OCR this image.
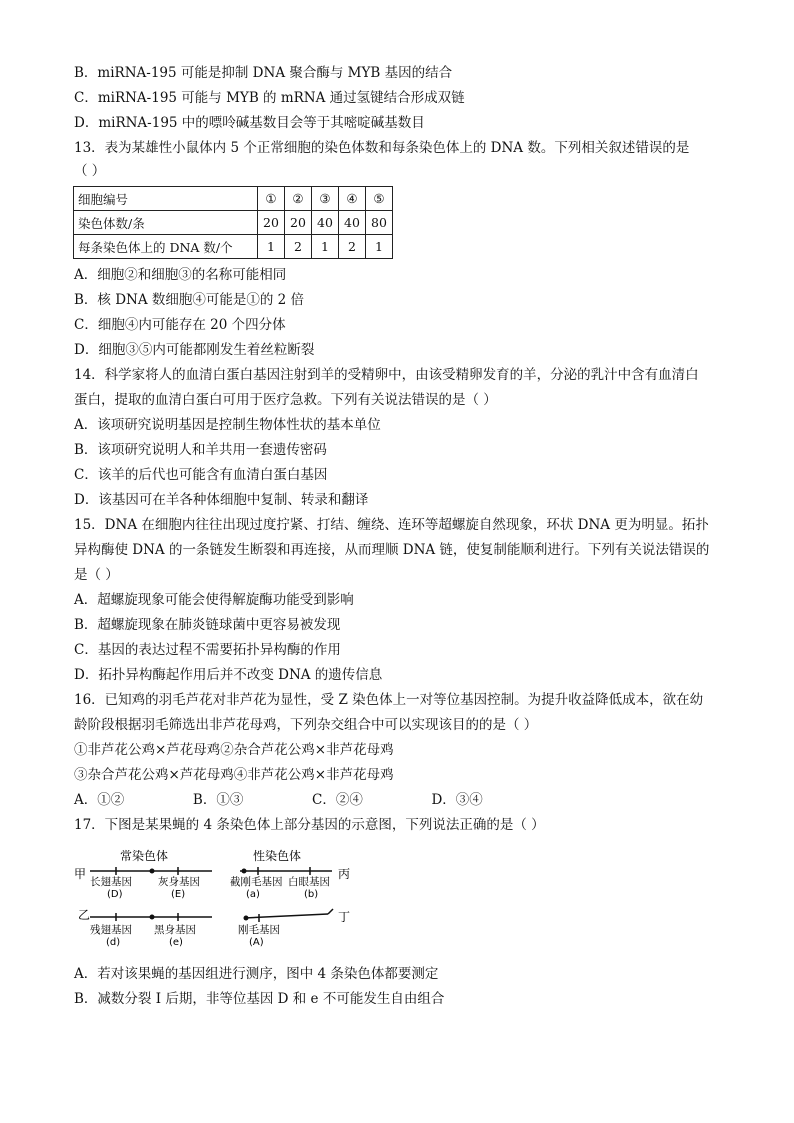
B．miRNA-195 可能是抑制 DNA 聚合酶与 MYB 基因的结合
C．miRNA-195 可能与 MYB 的 mRNA 通过氢键结合形成双链
D．miRNA-195 中的嘌呤碱基数目会等于其嘧啶碱基数目
13．表为某雄性小鼠体内 5 个正常细胞的染色体数和每条染色体上的 DNA 数。下列相关叙述错误的是
（ ）
细胞编号	①	②	③	④	⑤
染色体数/条	20	20	40	40	80
每条染色体上的 DNA 数/个	1	2	1	2	1
A．细胞②和细胞③的名称可能相同
B．核 DNA 数细胞④可能是①的 2 倍
C．细胞④内可能存在 20 个四分体
D．细胞③⑤内可能都刚发生着丝粒断裂
14．科学家将人的血清白蛋白基因注射到羊的受精卵中，由该受精卵发育的羊，分泌的乳汁中含有血清白
蛋白，提取的血清白蛋白可用于医疗急救。下列有关说法错误的是（ ）
A．该项研究说明基因是控制生物体性状的基本单位
B．该项研究说明人和羊共用一套遗传密码
C．该羊的后代也可能含有血清白蛋白基因
D．该基因可在羊各种体细胞中复制、转录和翻译
15．DNA 在细胞内往往出现过度拧紧、打结、缠绕、连环等超螺旋自然现象，环状 DNA 更为明显。拓扑
异构酶使 DNA 的一条链发生断裂和再连接，从而理顺 DNA 链，使复制能顺利进行。下列有关说法错误的
是（ ）
A．超螺旋现象可能会使得解旋酶功能受到影响
B．超螺旋现象在肺炎链球菌中更容易被发现
C．基因的表达过程不需要拓扑异构酶的作用
D．拓扑异构酶起作用后并不改变 DNA 的遗传信息
16．已知鸡的羽毛芦花对非芦花为显性，受 Z 染色体上一对等位基因控制。为提升收益降低成本，欲在幼
龄阶段根据羽毛筛选出非芦花母鸡，下列杂交组合中可以实现该目的的是（ ）
①非芦花公鸡×芦花母鸡②杂合芦花公鸡×非芦花母鸡
③杂合芦花公鸡×芦花母鸡④非芦花公鸡×非芦花母鸡
A．①②                B．①③                C．②④                D．③④
17．下图是某果蝇的 4 条染色体上部分基因的示意图，下列说法正确的是（ ）
常染色体	性染色体
甲	丙
乙	丁
长翅基因
(D)
灰身基因
(E)
截刚毛基因
(a)
白眼基因
(b)
残翅基因
(d)
黑身基因
(e)
刚毛基因
(A)
A．若对该果蝇的基因组进行测序，图中 4 条染色体都要测定
B．减数分裂 I 后期，非等位基因 D 和 e 不可能发生自由组合
